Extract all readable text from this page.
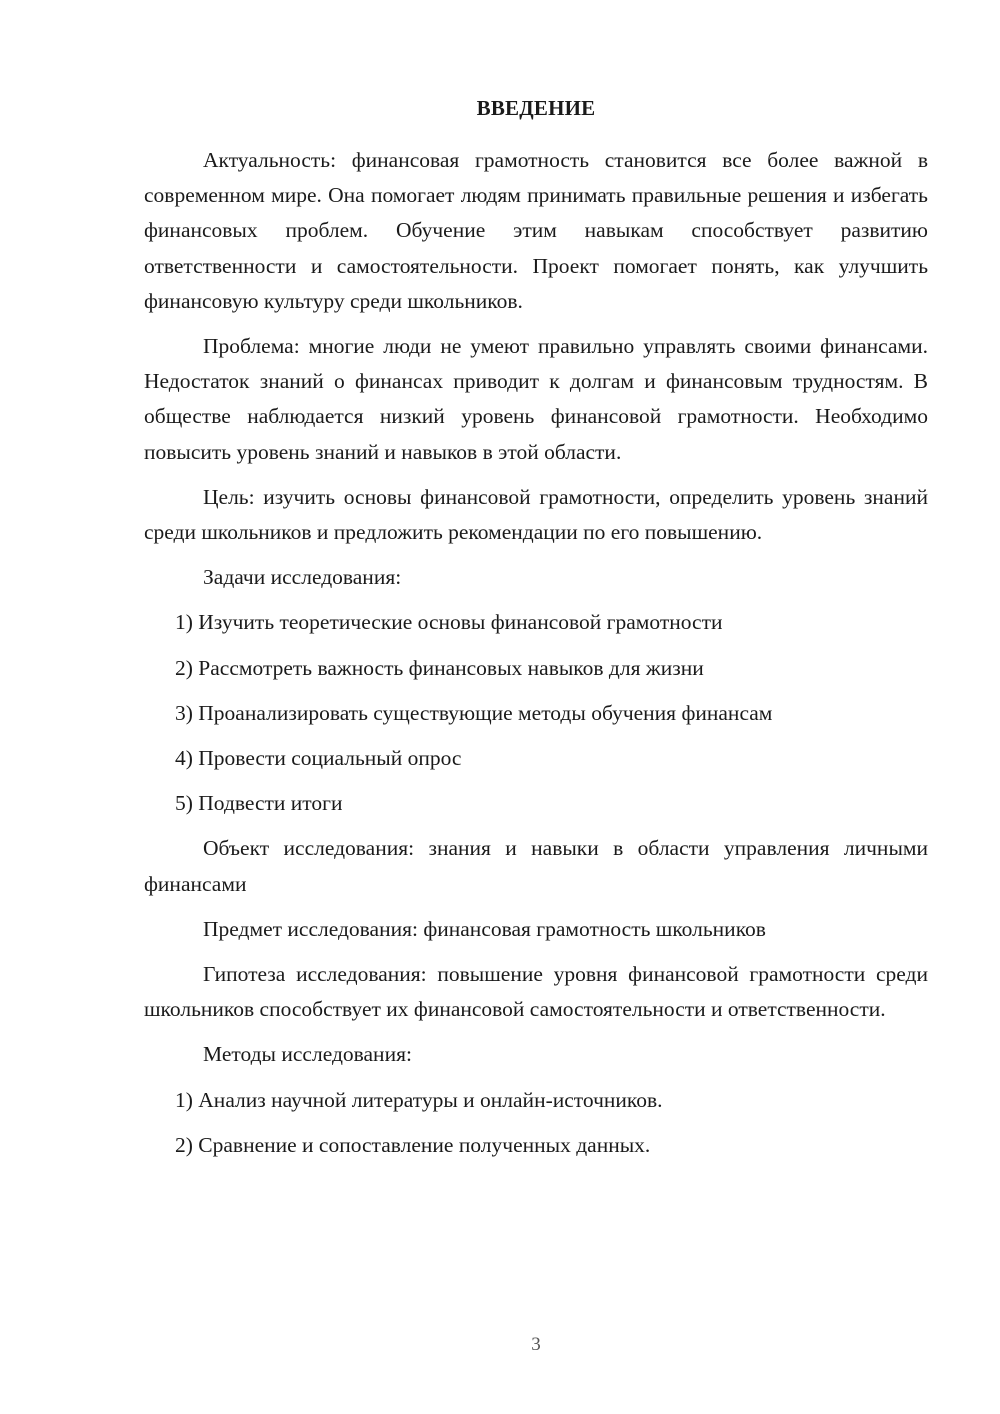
ВВЕДЕНИЕ

Актуальность: финансовая грамотность становится все более важной в современном мире. Она помогает людям принимать правильные решения и избегать финансовых проблем. Обучение этим навыкам способствует развитию ответственности и самостоятельности. Проект помогает понять, как улучшить финансовую культуру среди школьников.

Проблема: многие люди не умеют правильно управлять своими финансами. Недостаток знаний о финансах приводит к долгам и финансовым трудностям. В обществе наблюдается низкий уровень финансовой грамотности. Необходимо повысить уровень знаний и навыков в этой области.

Цель: изучить основы финансовой грамотности, определить уровень знаний среди школьников и предложить рекомендации по его повышению.

Задачи исследования:

1) Изучить теоретические основы финансовой грамотности

2) Рассмотреть важность финансовых навыков для жизни

3) Проанализировать существующие методы обучения финансам

4) Провести социальный опрос

5) Подвести итоги

Объект исследования: знания и навыки в области управления личными финансами

Предмет исследования: финансовая грамотность школьников

Гипотеза исследования: повышение уровня финансовой грамотности среди школьников способствует их финансовой самостоятельности и ответственности.

Методы исследования:

1) Анализ научной литературы и онлайн-источников.

2) Сравнение и сопоставление полученных данных.

3
